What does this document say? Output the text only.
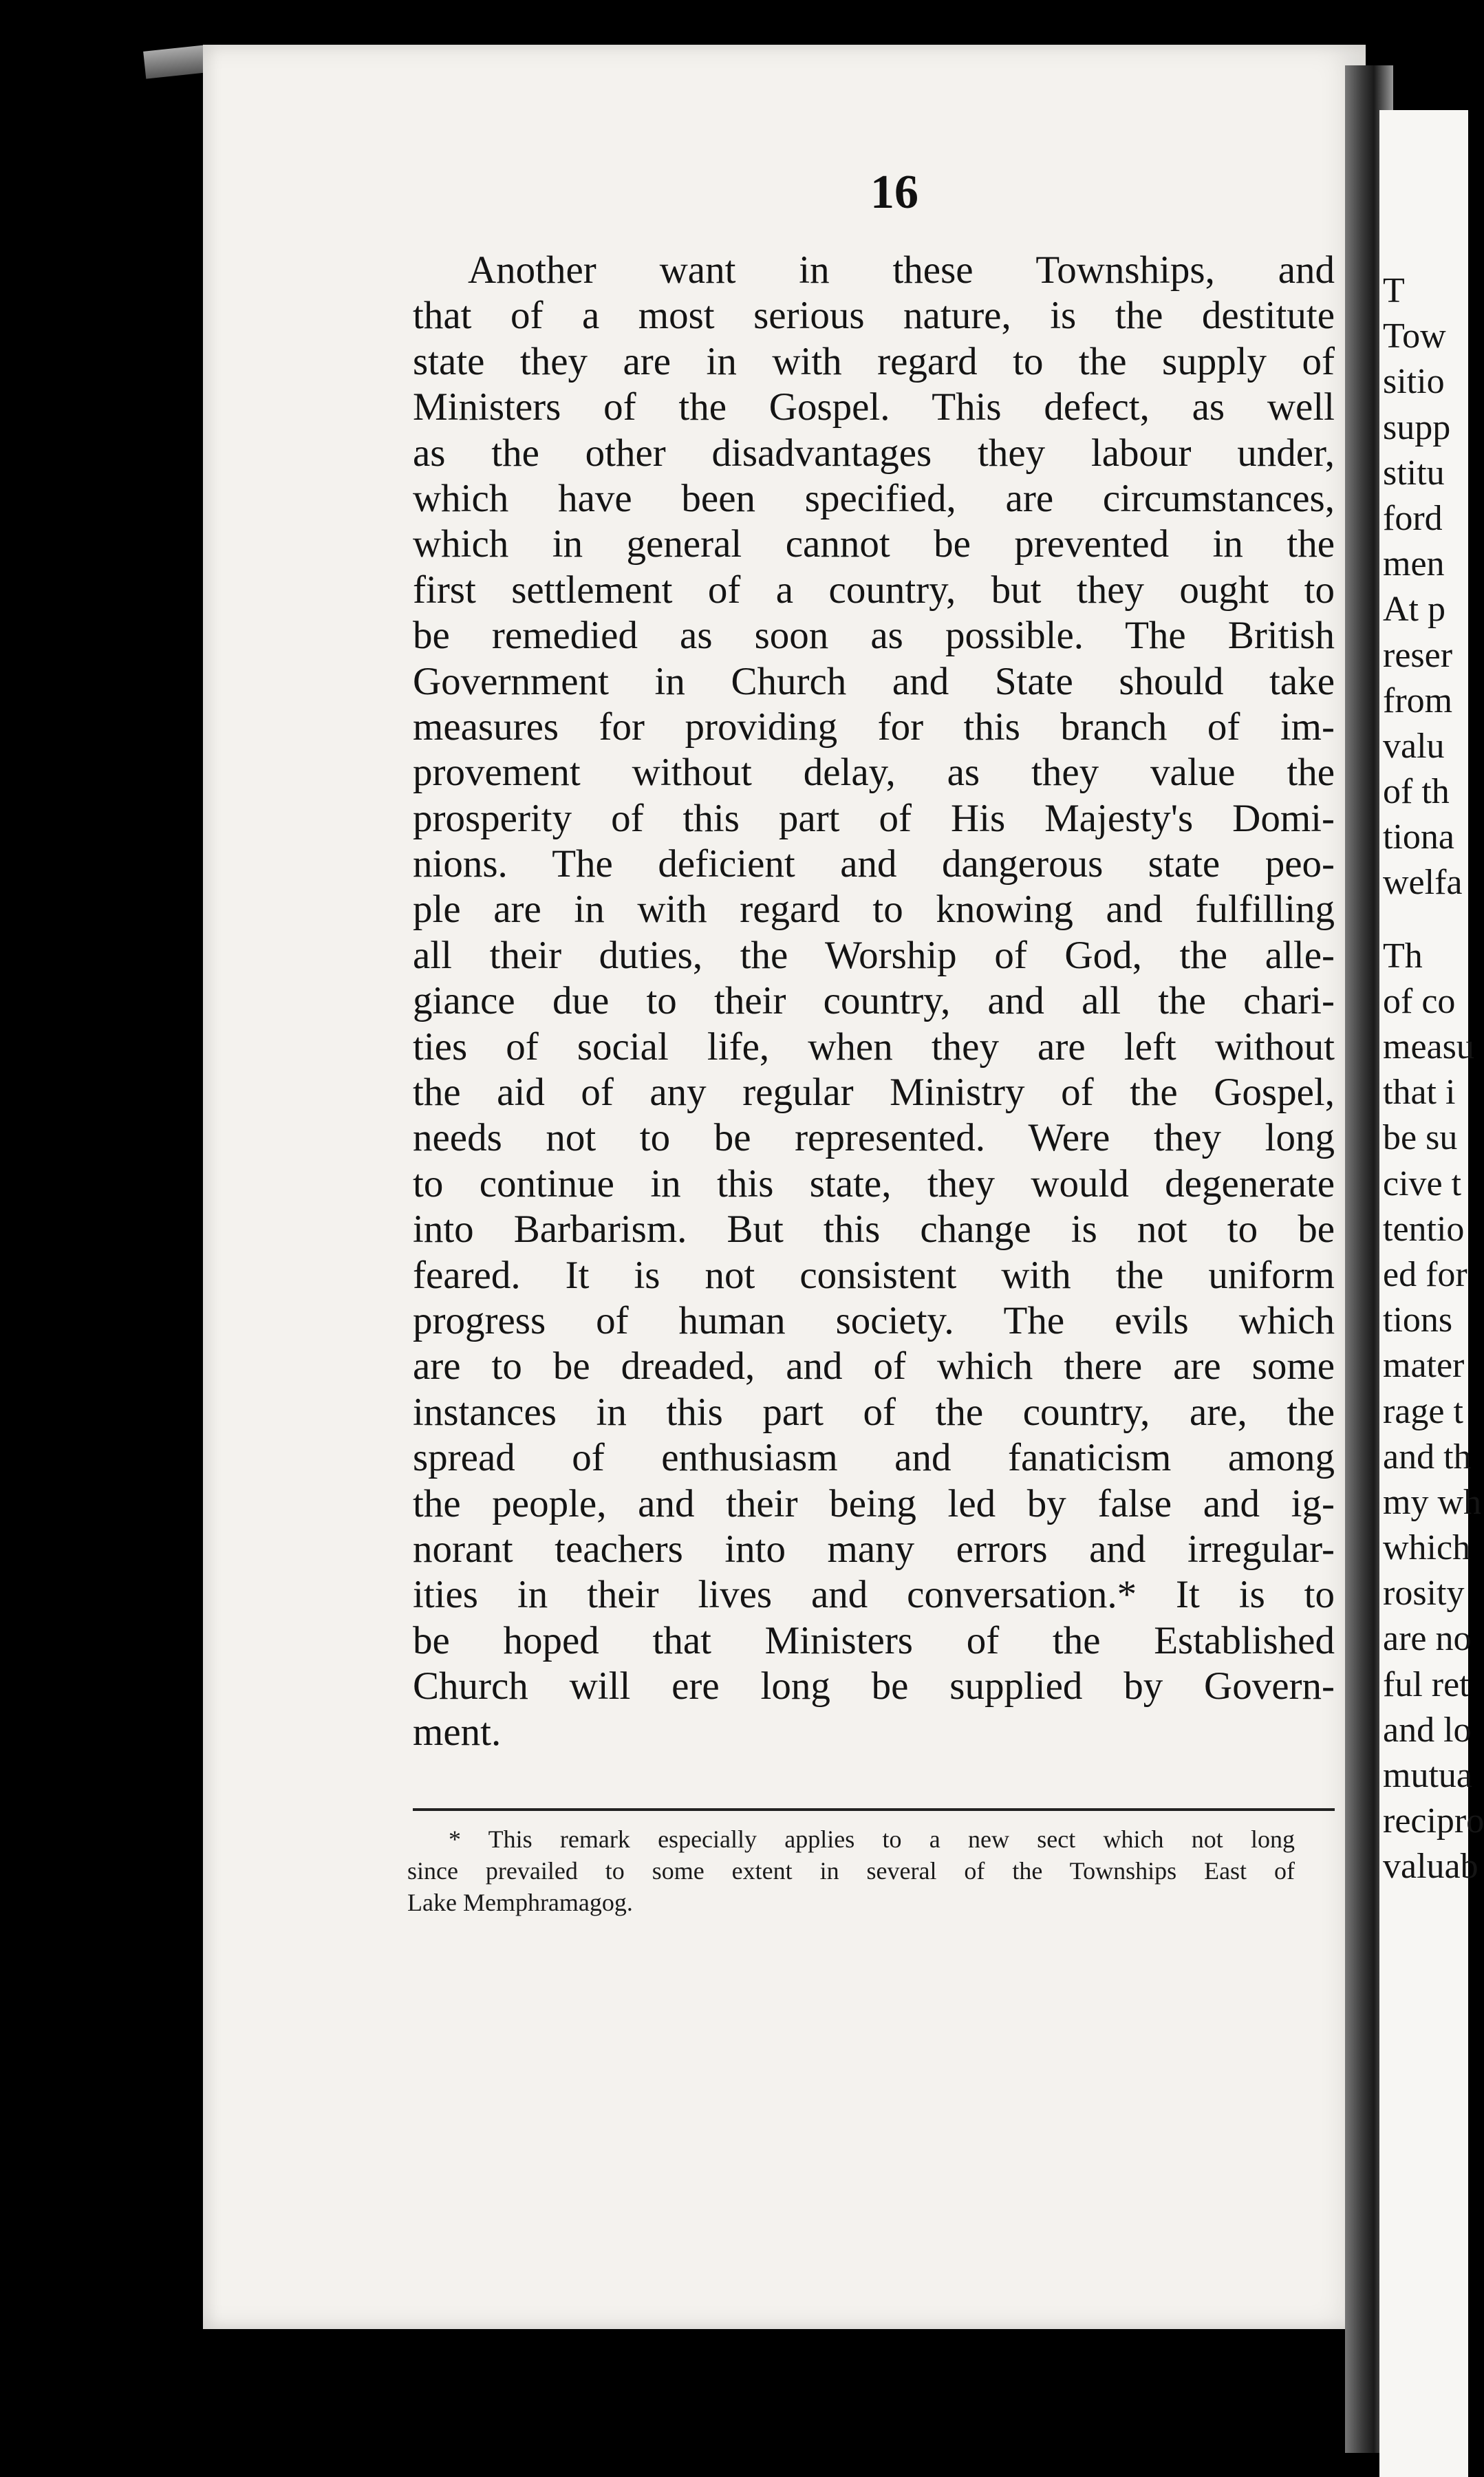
16
Another want in these Townships, and
that of a most serious nature, is the destitute
state they are in with regard to the supply of
Ministers of the Gospel. This defect, as well
as the other disadvantages they labour under,
which have been specified, are circumstances,
which in general cannot be prevented in the
first settlement of a country, but they ought to
be remedied as soon as possible. The British
Government in Church and State should take
measures for providing for this branch of im-
provement without delay, as they value the
prosperity of this part of His Majesty's Domi-
nions. The deficient and dangerous state peo-
ple are in with regard to knowing and fulfilling
all their duties, the Worship of God, the alle-
giance due to their country, and all the chari-
ties of social life, when they are left without
the aid of any regular Ministry of the Gospel,
needs not to be represented. Were they long
to continue in this state, they would degenerate
into Barbarism. But this change is not to be
feared. It is not consistent with the uniform
progress of human society. The evils which
are to be dreaded, and of which there are some
instances in this part of the country, are, the
spread of enthusiasm and fanaticism among
the people, and their being led by false and ig-
norant teachers into many errors and irregular-
ities in their lives and conversation.* It is to
be hoped that Ministers of the Established
Church will ere long be supplied by Govern-
ment.
* This remark especially applies to a new sect which not long
since prevailed to some extent in several of the Townships East of
Lake Memphramagog.
T
Tow
sitio
supp
stitu
ford
men
At p
reser
from
valu
of th
tiona
welfa
Th
of co
measu
that i
be su
cive t
tentio
ed for
tions
mater
rage t
and th
my wh
which
rosity
are no
ful ret
and lo
mutua
recipro
valuab
